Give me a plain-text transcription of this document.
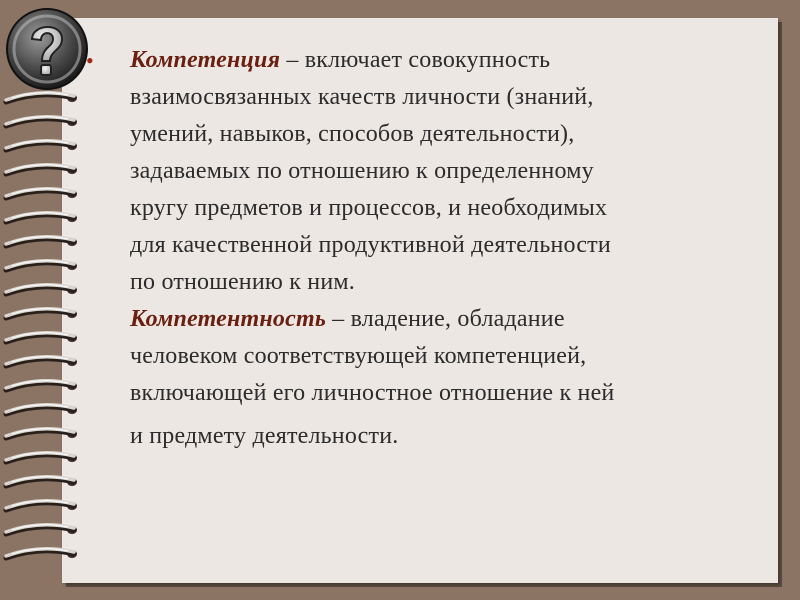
•	Компетенция – включает совокупность

взаимосвязанных качеств личности (знаний,

умений, навыков, способов деятельности),

задаваемых по отношению к определенному

кругу предметов и процессов, и необходимых

для качественной продуктивной деятельности

по отношению к ним.

Компетентность – владение, обладание

человеком соответствующей компетенцией,

включающей его личностное отношение к ней

и предмету деятельности.
